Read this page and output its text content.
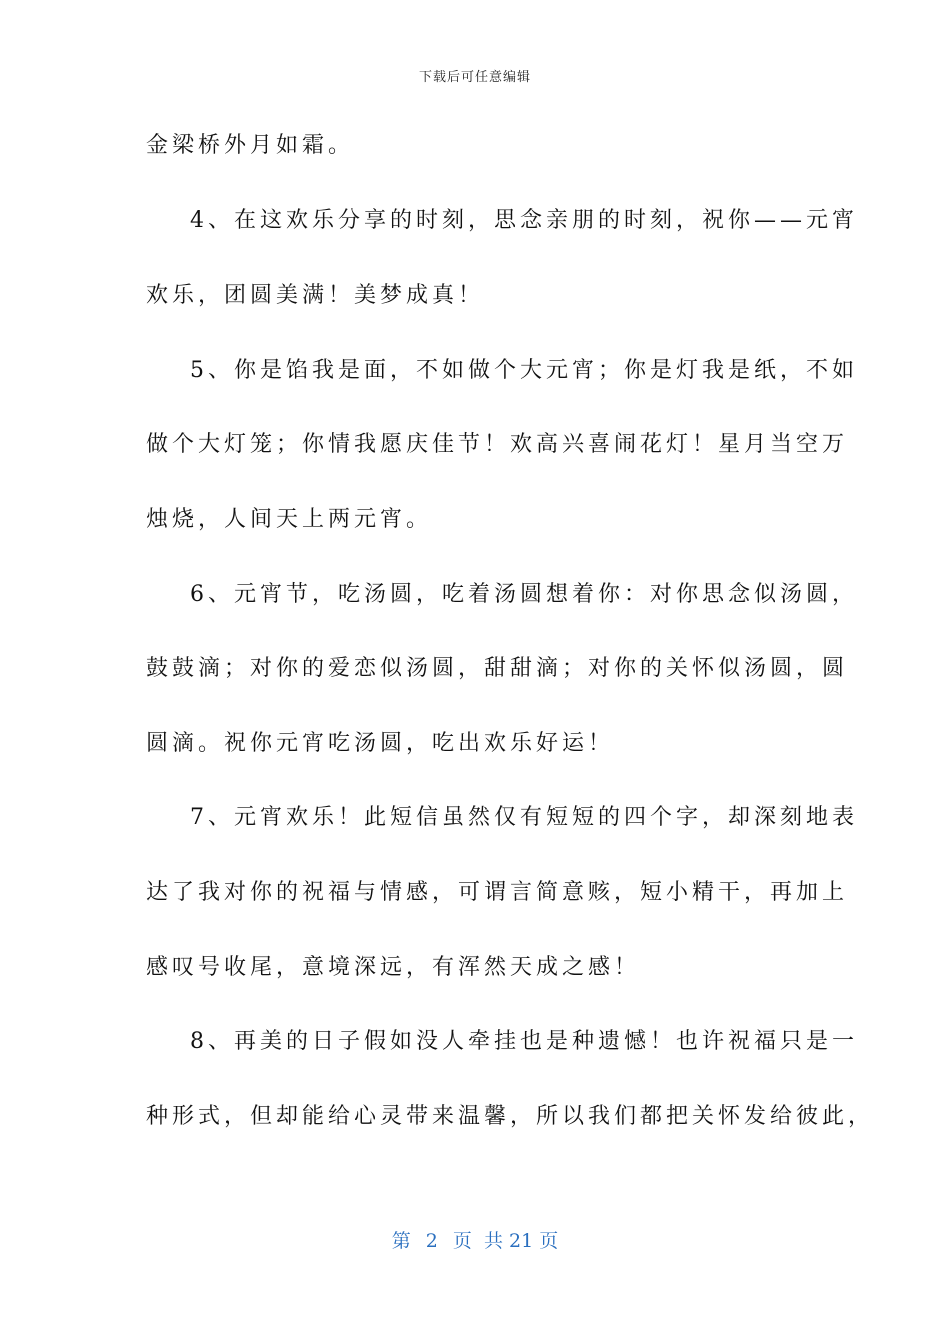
下载后可任意编辑
金梁桥外月如霜。
4、在这欢乐分享的时刻，思念亲朋的时刻，祝你——元宵
欢乐，团圆美满！美梦成真！
5、你是馅我是面，不如做个大元宵；你是灯我是纸，不如
做个大灯笼；你情我愿庆佳节！欢高兴喜闹花灯！星月当空万
烛烧，人间天上两元宵。
6、元宵节，吃汤圆，吃着汤圆想着你：对你思念似汤圆，
鼓鼓滴；对你的爱恋似汤圆，甜甜滴；对你的关怀似汤圆，圆
圆滴。祝你元宵吃汤圆，吃出欢乐好运！
7、元宵欢乐！此短信虽然仅有短短的四个字，却深刻地表
达了我对你的祝福与情感，可谓言简意赅，短小精干，再加上
感叹号收尾，意境深远，有浑然天成之感！
8、再美的日子假如没人牵挂也是种遗憾！也许祝福只是一
种形式，但却能给心灵带来温馨，所以我们都把关怀发给彼此，
第 2 页  共 21 页
